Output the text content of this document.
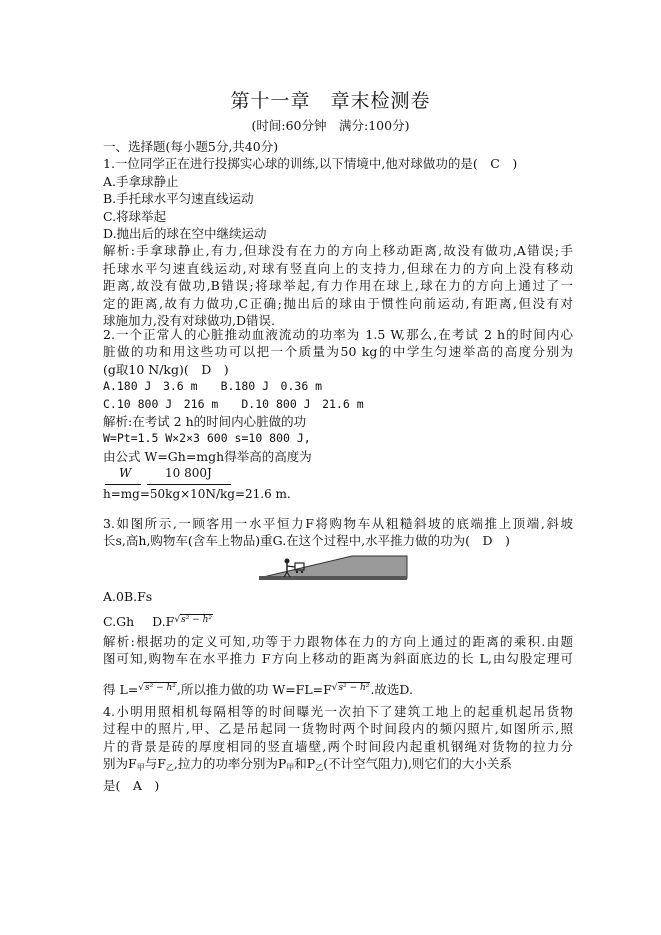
第十一章　章末检测卷
(时间:60分钟　满分:100分)
一、选择题(每小题5分,共40分)
1.一位同学正在进行投掷实心球的训练,以下情境中,他对球做功的是(　C　)
A.手拿球静止
B.手托球水平匀速直线运动
C.将球举起
D.抛出后的球在空中继续运动
解析:手拿球静止,有力,但球没有在力的方向上移动距离,故没有做功,A错误;手
托球水平匀速直线运动,对球有竖直向上的支持力,但球在力的方向上没有移动
距离,故没有做功,B错误;将球举起,有力作用在球上,球在力的方向上通过了一
定的距离,故有力做功,C正确;抛出后的球由于惯性向前运动,有距离,但没有对
球施加力,没有对球做功,D错误.
2.一个正常人的心脏推动血液流动的功率为 1.5 W,那么,在考试 2 h的时间内心
脏做的功和用这些功可以把一个质量为50 kg的中学生匀速举高的高度分别为
(g取10 N/kg)(　D　)
A.180 J　3.6 m　　B.180 J　0.36 m
C.10 800 J　216 m　　D.10 800 J　21.6 m
解析:在考试 2 h的时间内心脏做的功
W=Pt=1.5 W×2×3 600 s=10 800 J,
由公式 W=Gh=mgh得举高的高度为
W	10 800J
h=mg=50kg×10N/kg=21.6 m.
3.如图所示,一顾客用一水平恒力F将购物车从粗糙斜坡的底端推上顶端,斜坡
长s,高h,购物车(含车上物品)重G.在这个过程中,水平推力做的功为(　D　)
A.0B.Fs
C.Gh D.F√s² − h²
解析:根据功的定义可知,功等于力跟物体在力的方向上通过的距离的乘积.由题
图可知,购物车在水平推力 F方向上移动的距离为斜面底边的长 L,由勾股定理可
得 L=√s² − h²,所以推力做的功 W=FL=F√s² − h².故选D.
4.小明用照相机每隔相等的时间曝光一次拍下了建筑工地上的起重机起吊货物
过程中的照片,甲、乙是吊起同一货物时两个时间段内的频闪照片,如图所示,照
片的背景是砖的厚度相同的竖直墙壁,两个时间段内起重机钢绳对货物的拉力分
别为$F_甲$与$F_乙$,拉力的功率分别为$P_甲$和$P_乙$(不计空气阻力),则它们的大小关系
是(　A　)
